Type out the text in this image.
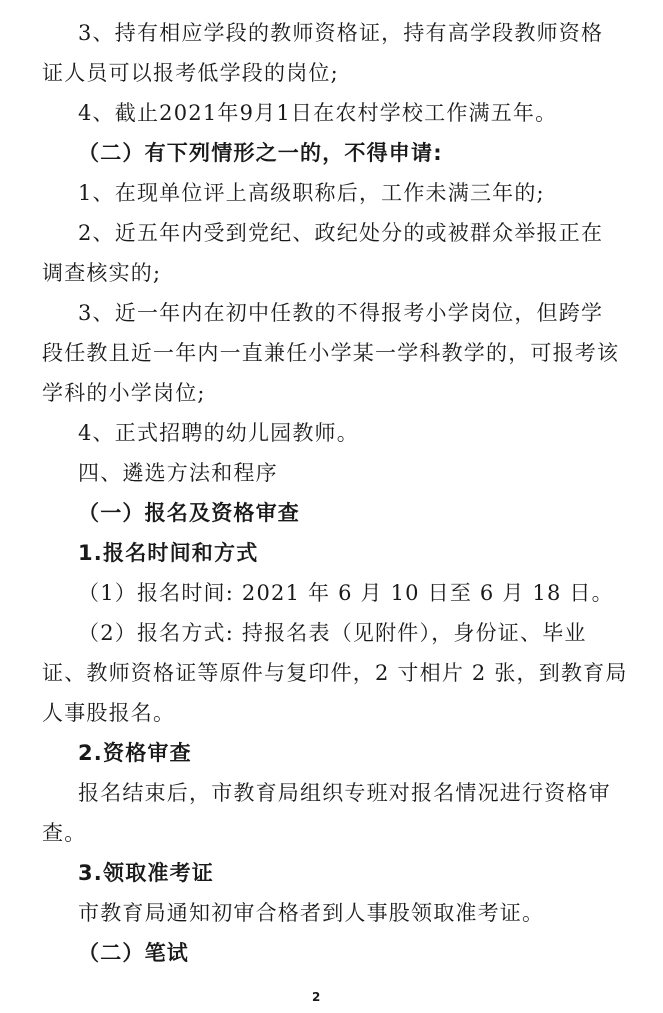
3、持有相应学段的教师资格证，持有高学段教师资格
证人员可以报考低学段的岗位;
4、截止2021年9月1日在农村学校工作满五年。
（二）有下列情形之一的，不得申请:
1、在现单位评上高级职称后，工作未满三年的;
2、近五年内受到党纪、政纪处分的或被群众举报正在
调查核实的;
3、近一年内在初中任教的不得报考小学岗位，但跨学
段任教且近一年内一直兼任小学某一学科教学的，可报考该
学科的小学岗位;
4、正式招聘的幼儿园教师。
四、遴选方法和程序
（一）报名及资格审查
1.报名时间和方式
（1）报名时间: 2021 年 6 月 10 日至 6 月 18 日。
（2）报名方式: 持报名表（见附件），身份证、毕业
证、教师资格证等原件与复印件，2 寸相片 2 张，到教育局
人事股报名。
2.资格审查
报名结束后，市教育局组织专班对报名情况进行资格审
查。
3.领取准考证
市教育局通知初审合格者到人事股领取准考证。
（二）笔试
2
